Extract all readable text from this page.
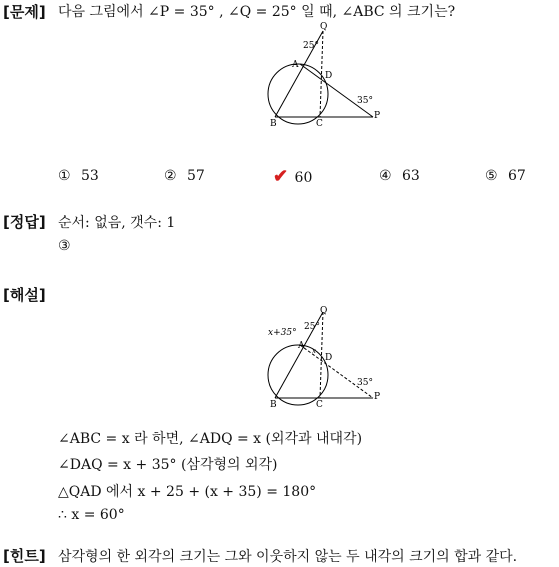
[문제] 다음 그림에서 ∠P = 35° , ∠Q = 25° 일 때, ∠ABC 의 크기는?
Q
A
D
B	C
P
25°
35°
① 53	② 57	✔ 60	④ 63	⑤ 67
[정답] 순서: 없음, 갯수: 1
③
[해설]
Q
A
D
B	C
P
25°
35°
x+35°
x
∠ABC = x 라 하면, ∠ADQ = x (외각과 내대각)
∠DAQ = x + 35° (삼각형의 외각)
△QAD 에서 x + 25 + (x + 35) = 180°
∴ x = 60°
[힌트] 삼각형의 한 외각의 크기는 그와 이웃하지 않는 두 내각의 크기의 합과 같다.
